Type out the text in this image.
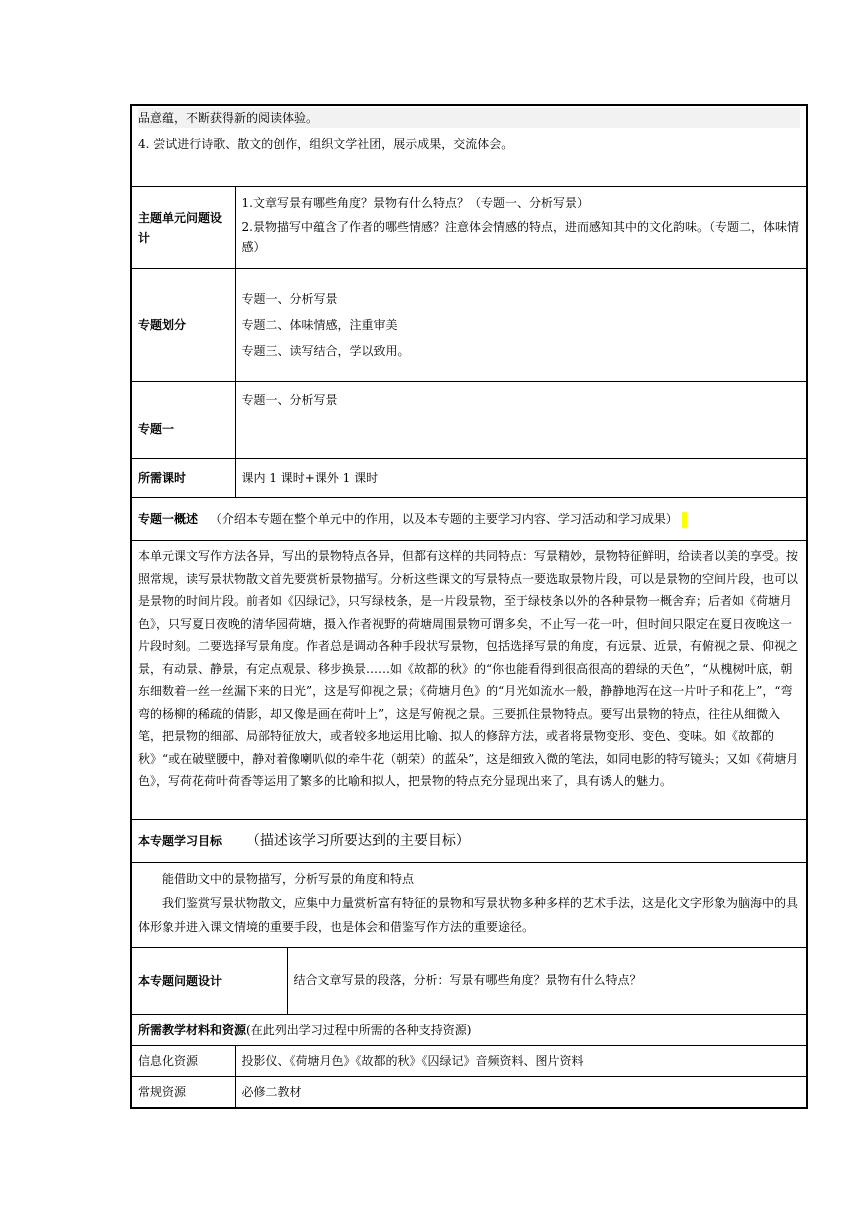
品意蕴，不断获得新的阅读体验。
4. 尝试进行诗歌、散文的创作，组织文学社团，展示成果，交流体会。		

主题单元问题设计	1.文章写景有哪些角度？景物有什么特点？（专题一、分析写景）
2.景物描写中蕴含了作者的哪些情感？注意体会情感的特点，进而感知其中的文化韵味。（专题二，体味情感）	

专题划分	专题一、分析写景
专题二、体味情感，注重审美
专题三、读写结合，学以致用。	

专题一	专题一、分析写景	
所需课时	课内 1 课时+课外 1 课时	
专题一概述 （介绍本专题在整个单元中的作用，以及本专题的主要学习内容、学习活动和学习成果）		
本单元课文写作方法各异，写出的景物特点各异，但都有这样的共同特点：写景精妙，景物特征鲜明，给读者以美的享受。按照常规，读写景状物散文首先要赏析景物描写。分析这些课文的写景特点一要选取景物片段，可以是景物的空间片段，也可以是景物的时间片段。前者如《囚绿记》，只写绿枝条，是一片段景物，至于绿枝条以外的各种景物一概舍弃；后者如《荷塘月色》，只写夏日夜晚的清华园荷塘，摄入作者视野的荷塘周围景物可谓多矣，不止写一花一叶，但时间只限定在夏日夜晚这一片段时刻。二要选择写景角度。作者总是调动各种手段状写景物，包括选择写景的角度，有远景、近景，有俯视之景、仰视之景，有动景、静景，有定点观景、移步换景……如《故都的秋》的“你也能看得到很高很高的碧绿的天色”，“从槐树叶底，朝东细数着一丝一丝漏下来的日光”，这是写仰视之景；《荷塘月色》的“月光如流水一般，静静地泻在这一片叶子和花上”，“弯弯的杨柳的稀疏的倩影，却又像是画在荷叶上”，这是写俯视之景。三要抓住景物特点。要写出景物的特点，往往从细微入笔，把景物的细部、局部特征放大，或者较多地运用比喻、拟人的修辞方法，或者将景物变形、变色、变味。如《故都的秋》“或在破壁腰中，静对着像喇叭似的牵牛花（朝荣）的蓝朵”，这是细致入微的笔法，如同电影的特写镜头；又如《荷塘月色》，写荷花荷叶荷香等运用了繁多的比喻和拟人，把景物的特点充分显现出来了，具有诱人的魅力。		
本专题学习目标 （描述该学习所要达到的主要目标）		

能借助文中的景物描写，分析写景的角度和特点
我们鉴赏写景状物散文，应集中力量赏析富有特征的景物和写景状物多种多样的艺术手法，这是化文字形象为脑海中的具体形象并进入课文情境的重要手段，也是体会和借鉴写作方法的重要途径。		

本专题问题设计		结合文章写景的段落，分析：写景有哪些角度？景物有什么特点？
所需教学材料和资源(在此列出学习过程中所需的各种支持资源)		
信息化资源	投影仪、《荷塘月色》《故都的秋》《囚绿记》音频资料、图片资料	
常规资源	必修二教材	
